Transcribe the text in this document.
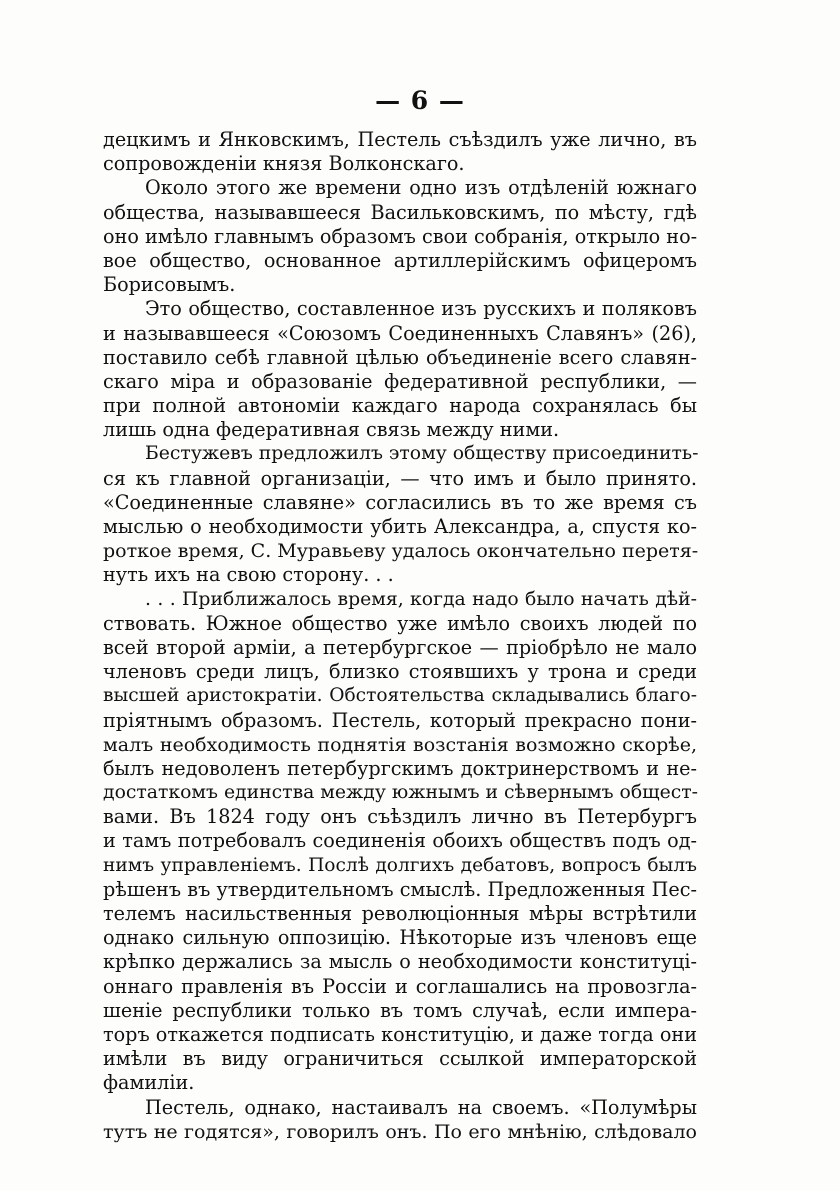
— 6 —
децкимъ и Янковскимъ, Пестель съѣздилъ уже лично, въ
сопровожденіи князя Волконскаго.
Около этого же времени одно изъ отдѣленій южнаго
общества, называвшееся Васильковскимъ, по мѣсту, гдѣ
оно имѣло главнымъ образомъ свои собранія, открыло но-
вое общество, основанное артиллерійскимъ офицеромъ
Борисовымъ.
Это общество, составленное изъ русскихъ и поляковъ
и называвшееся «Союзомъ Соединенныхъ Славянъ» (26),
поставило себѣ главной цѣлью объединеніе всего славян-
скаго міра и образованіе федеративной республики, —
при полной автономіи каждаго народа сохранялась бы
лишь одна федеративная связь между ними.
Бестужевъ предложилъ этому обществу присоединить-
ся къ главной организаціи, — что имъ и было принято.
«Соединенные славяне» согласились въ то же время съ
мыслью о необходимости убить Александра, а, спустя ко-
роткое время, С. Муравьеву удалось окончательно перетя-
нуть ихъ на свою сторону. . .
. . . Приближалось время, когда надо было начать дѣй-
ствовать. Южное общество уже имѣло своихъ людей по
всей второй арміи, а петербургское — пріобрѣло не мало
членовъ среди лицъ, близко стоявшихъ у трона и среди
высшей аристократіи. Обстоятельства складывались благо-
пріятнымъ образомъ. Пестель, который прекрасно пони-
малъ необходимость поднятія возстанія возможно скорѣе,
былъ недоволенъ петербургскимъ доктринерствомъ и не-
достаткомъ единства между южнымъ и сѣвернымъ общест-
вами. Въ 1824 году онъ съѣздилъ лично въ Петербургъ
и тамъ потребовалъ соединенія обоихъ обществъ подъ од-
нимъ управленіемъ. Послѣ долгихъ дебатовъ, вопросъ былъ
рѣшенъ въ утвердительномъ смыслѣ. Предложенныя Пес-
телемъ насильственныя революціонныя мѣры встрѣтили
однако сильную оппозицію. Нѣкоторые изъ членовъ еще
крѣпко держались за мысль о необходимости конституці-
оннаго правленія въ Россіи и соглашались на провозгла-
шеніе республики только въ томъ случаѣ, если импера-
торъ откажется подписать конституцію, и даже тогда они
имѣли въ виду ограничиться ссылкой императорской
фамиліи.
Пестель, однако, настаивалъ на своемъ. «Полумѣры
тутъ не годятся», говорилъ онъ. По его мнѣнію, слѣдовало
